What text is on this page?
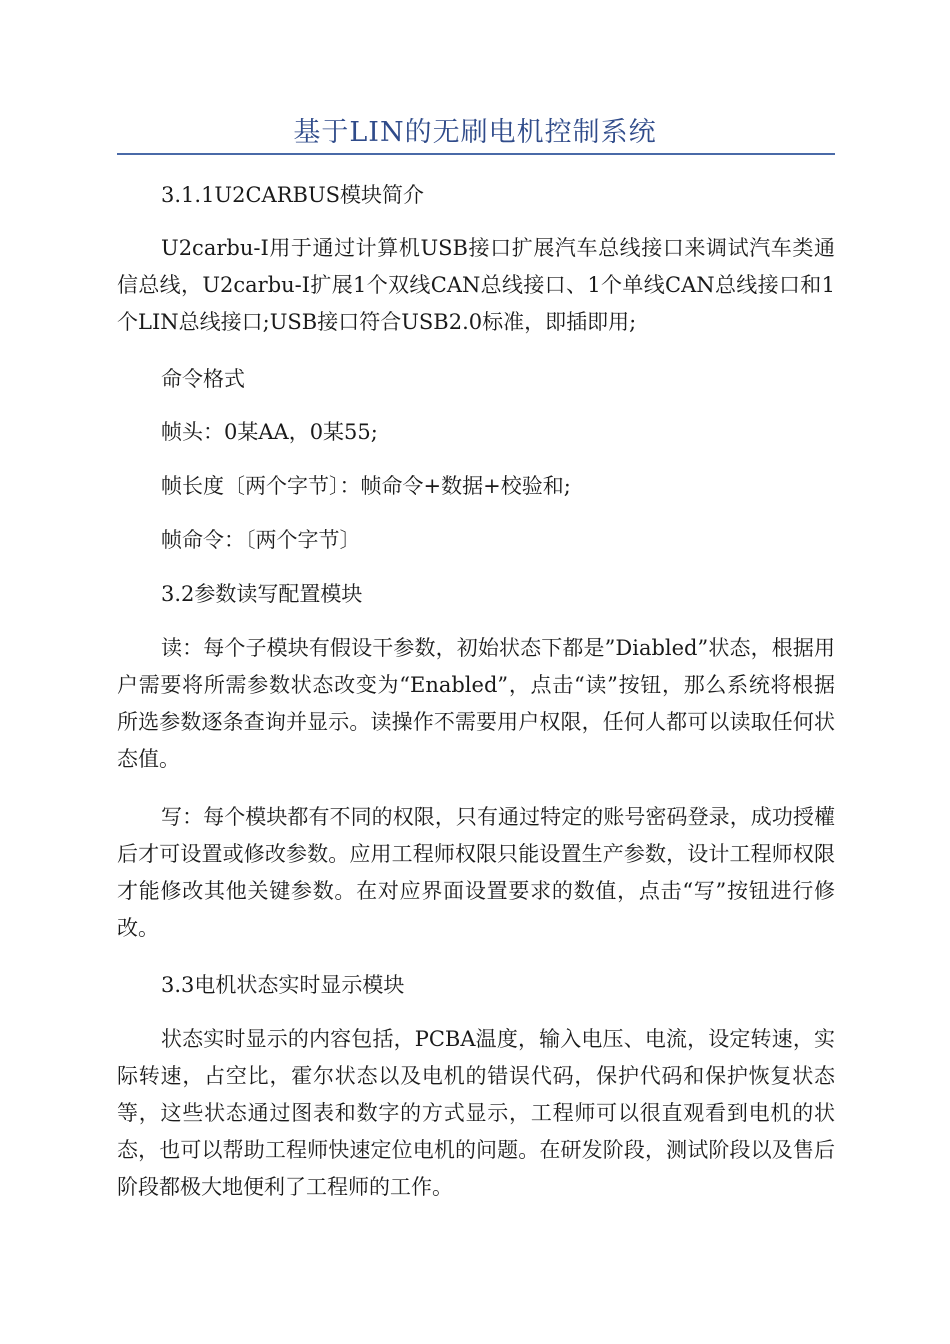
基于LIN的无刷电机控制系统

3.1.1U2CARBUS模块简介

U2carbu-I用于通过计算机USB接口扩展汽车总线接口来调试汽车类通信总线，U2carbu-I扩展1个双线CAN总线接口、1个单线CAN总线接口和1个LIN总线接口;USB接口符合USB2.0标准，即插即用;

命令格式

帧头：0某AA，0某55;

帧长度〔两个字节〕：帧命令+数据+校验和;

帧命令：〔两个字节〕

3.2参数读写配置模块

读：每个子模块有假设干参数，初始状态下都是”Diabled”状态，根据用户需要将所需参数状态改变为“Enabled”，点击“读”按钮，那么系统将根据所选参数逐条查询并显示。读操作不需要用户权限，任何人都可以读取任何状态值。

写：每个模块都有不同的权限，只有通过特定的账号密码登录，成功授權后才可设置或修改参数。应用工程师权限只能设置生产参数，设计工程师权限才能修改其他关键参数。在对应界面设置要求的数值，点击“写”按钮进行修改。

3.3电机状态实时显示模块

状态实时显示的内容包括，PCBA温度，输入电压、电流，设定转速，实际转速，占空比，霍尔状态以及电机的错误代码，保护代码和保护恢复状态等，这些状态通过图表和数字的方式显示，工程师可以很直观看到电机的状态，也可以帮助工程师快速定位电机的问题。在研发阶段，测试阶段以及售后阶段都极大地便利了工程师的工作。
